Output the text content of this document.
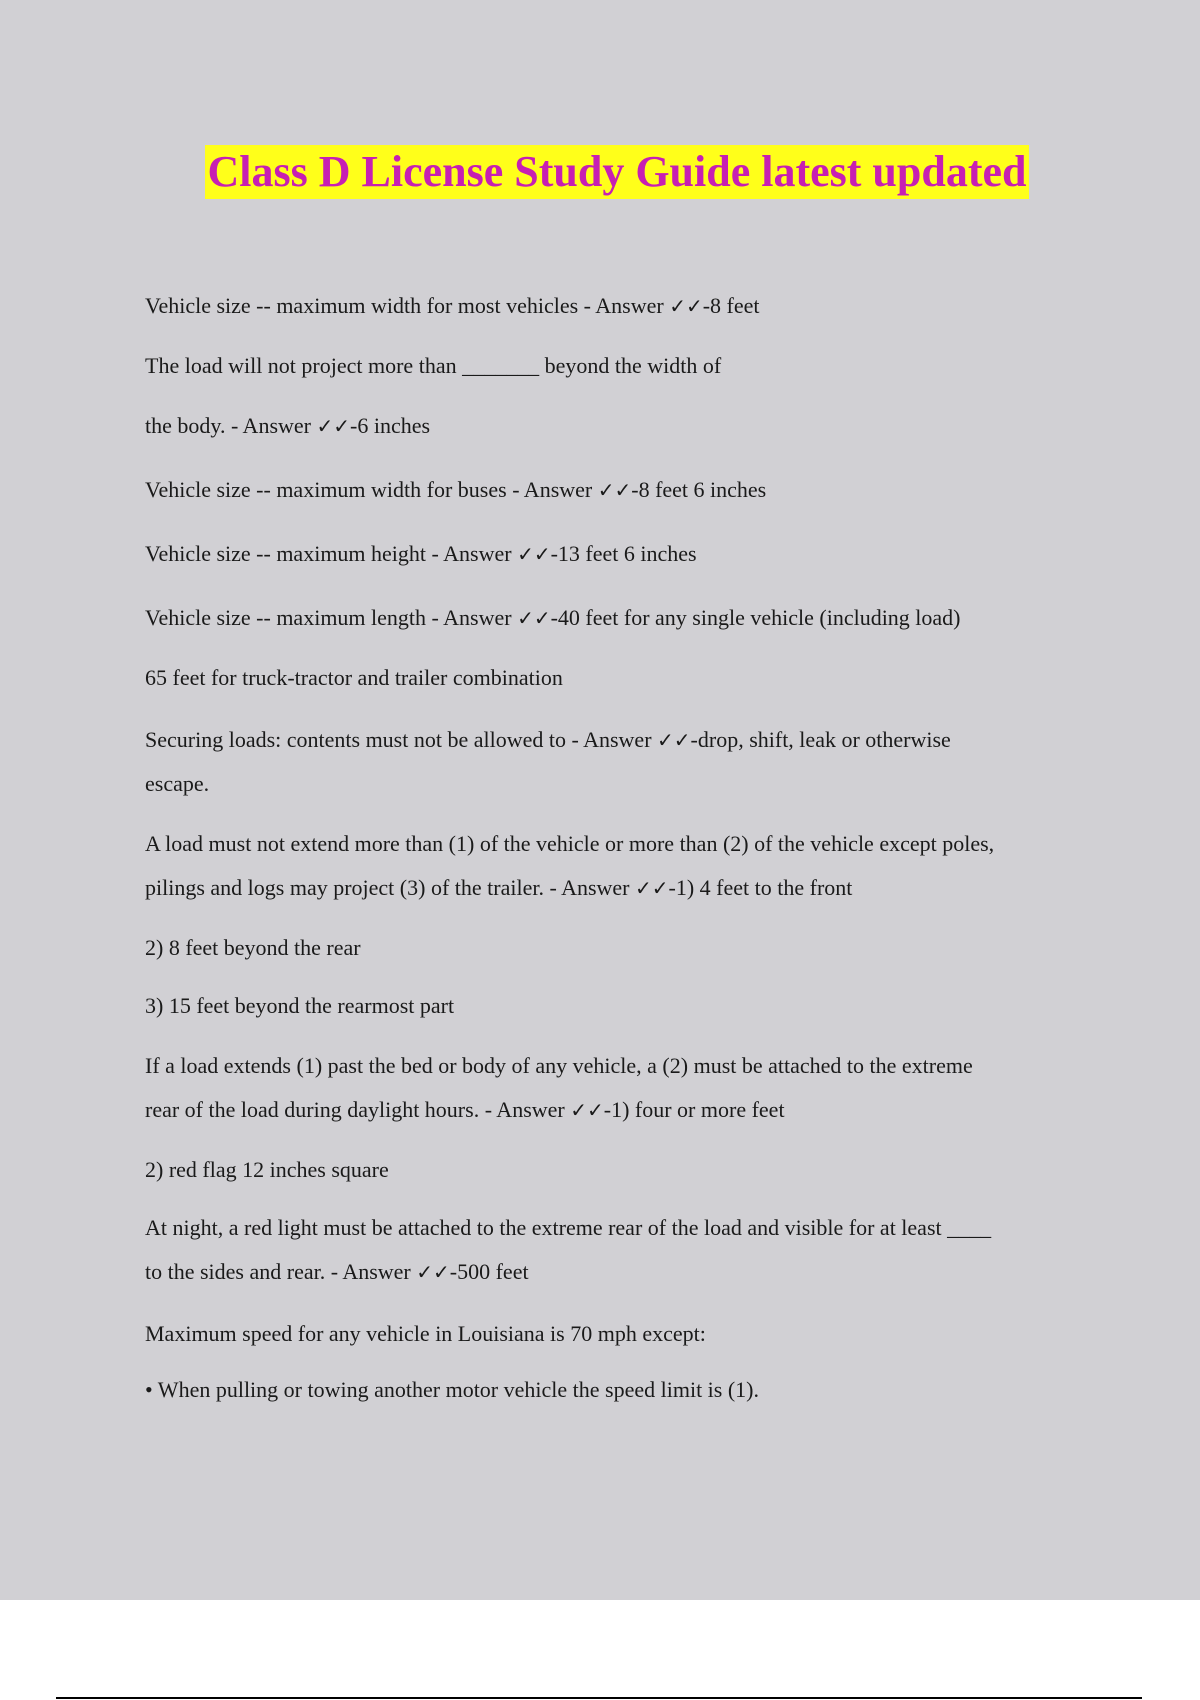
Class D License Study Guide latest updated
Vehicle size -- maximum width for most vehicles - Answer ✓✓-8 feet
The load will not project more than _______ beyond the width of
the body. - Answer ✓✓-6 inches
Vehicle size -- maximum width for buses - Answer ✓✓-8 feet 6 inches
Vehicle size -- maximum height - Answer ✓✓-13 feet 6 inches
Vehicle size -- maximum length - Answer ✓✓-40 feet for any single vehicle (including load)
65 feet for truck-tractor and trailer combination
Securing loads: contents must not be allowed to - Answer ✓✓-drop, shift, leak or otherwise
escape.
A load must not extend more than (1) of the vehicle or more than (2) of the vehicle except poles,
pilings and logs may project (3) of the trailer. - Answer ✓✓-1) 4 feet to the front
2) 8 feet beyond the rear
3) 15 feet beyond the rearmost part
If a load extends (1) past the bed or body of any vehicle, a (2) must be attached to the extreme
rear of the load during daylight hours. - Answer ✓✓-1) four or more feet
2) red flag 12 inches square
At night, a red light must be attached to the extreme rear of the load and visible for at least ____
to the sides and rear. - Answer ✓✓-500 feet
Maximum speed for any vehicle in Louisiana is 70 mph except:
• When pulling or towing another motor vehicle the speed limit is (1).
